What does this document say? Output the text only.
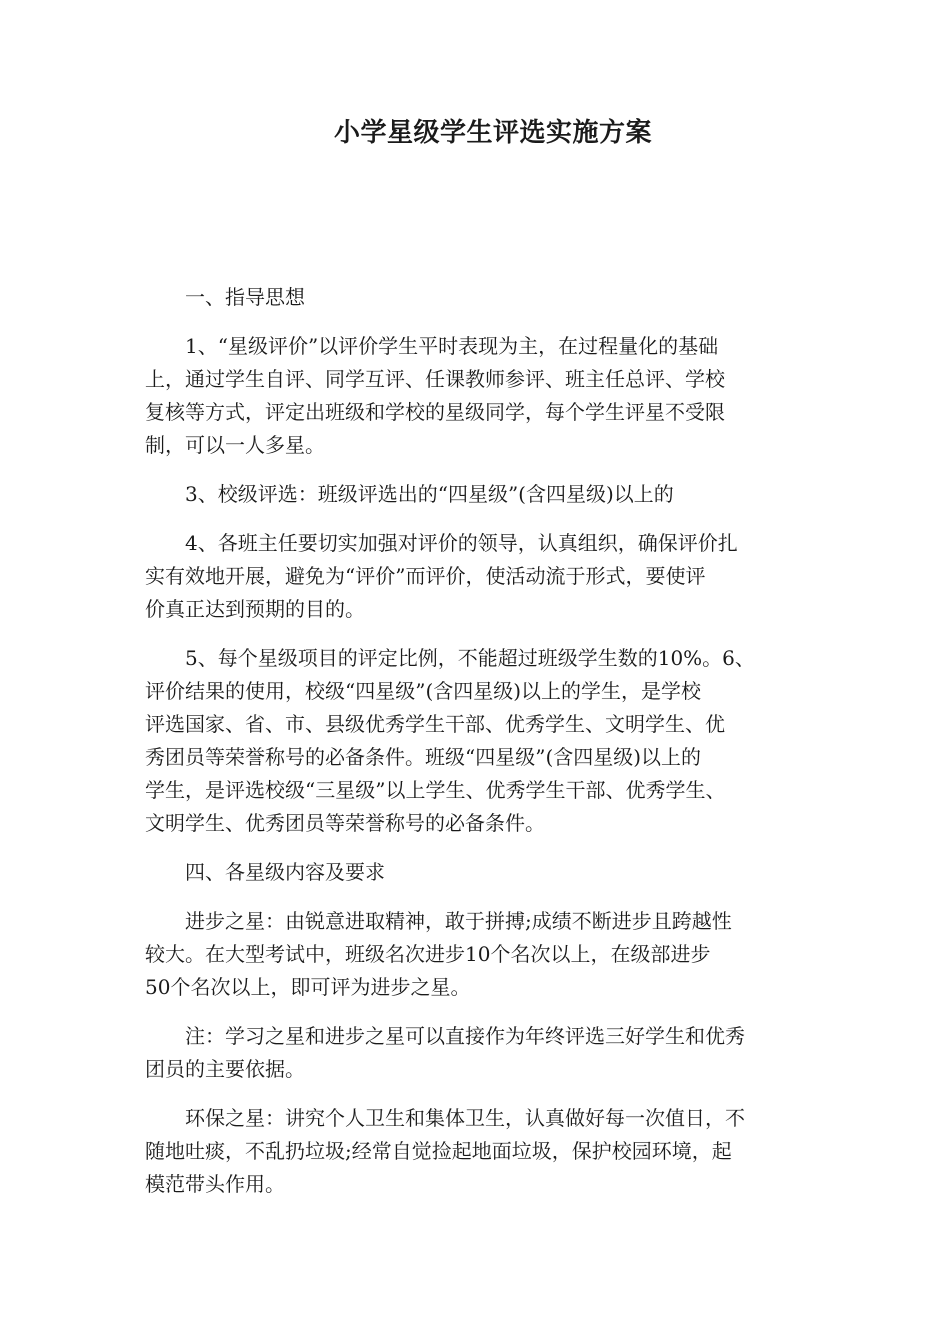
小学星级学生评选实施方案

一、指导思想

1、“星级评价”以评价学生平时表现为主，在过程量化的基础
上，通过学生自评、同学互评、任课教师参评、班主任总评、学校
复核等方式，评定出班级和学校的星级同学，每个学生评星不受限
制，可以一人多星。

3、校级评选：班级评选出的“四星级”(含四星级)以上的

4、各班主任要切实加强对评价的领导，认真组织，确保评价扎
实有效地开展，避免为“评价”而评价，使活动流于形式，要使评
价真正达到预期的目的。

5、每个星级项目的评定比例，不能超过班级学生数的10%。6、
评价结果的使用，校级“四星级”(含四星级)以上的学生，是学校
评选国家、省、市、县级优秀学生干部、优秀学生、文明学生、优
秀团员等荣誉称号的必备条件。班级“四星级”(含四星级)以上的
学生，是评选校级“三星级”以上学生、优秀学生干部、优秀学生、
文明学生、优秀团员等荣誉称号的必备条件。

四、各星级内容及要求

进步之星：由锐意进取精神，敢于拼搏;成绩不断进步且跨越性
较大。在大型考试中，班级名次进步10个名次以上，在级部进步
50个名次以上，即可评为进步之星。

注：学习之星和进步之星可以直接作为年终评选三好学生和优秀
团员的主要依据。

环保之星：讲究个人卫生和集体卫生，认真做好每一次值日，不
随地吐痰，不乱扔垃圾;经常自觉捡起地面垃圾，保护校园环境，起
模范带头作用。
